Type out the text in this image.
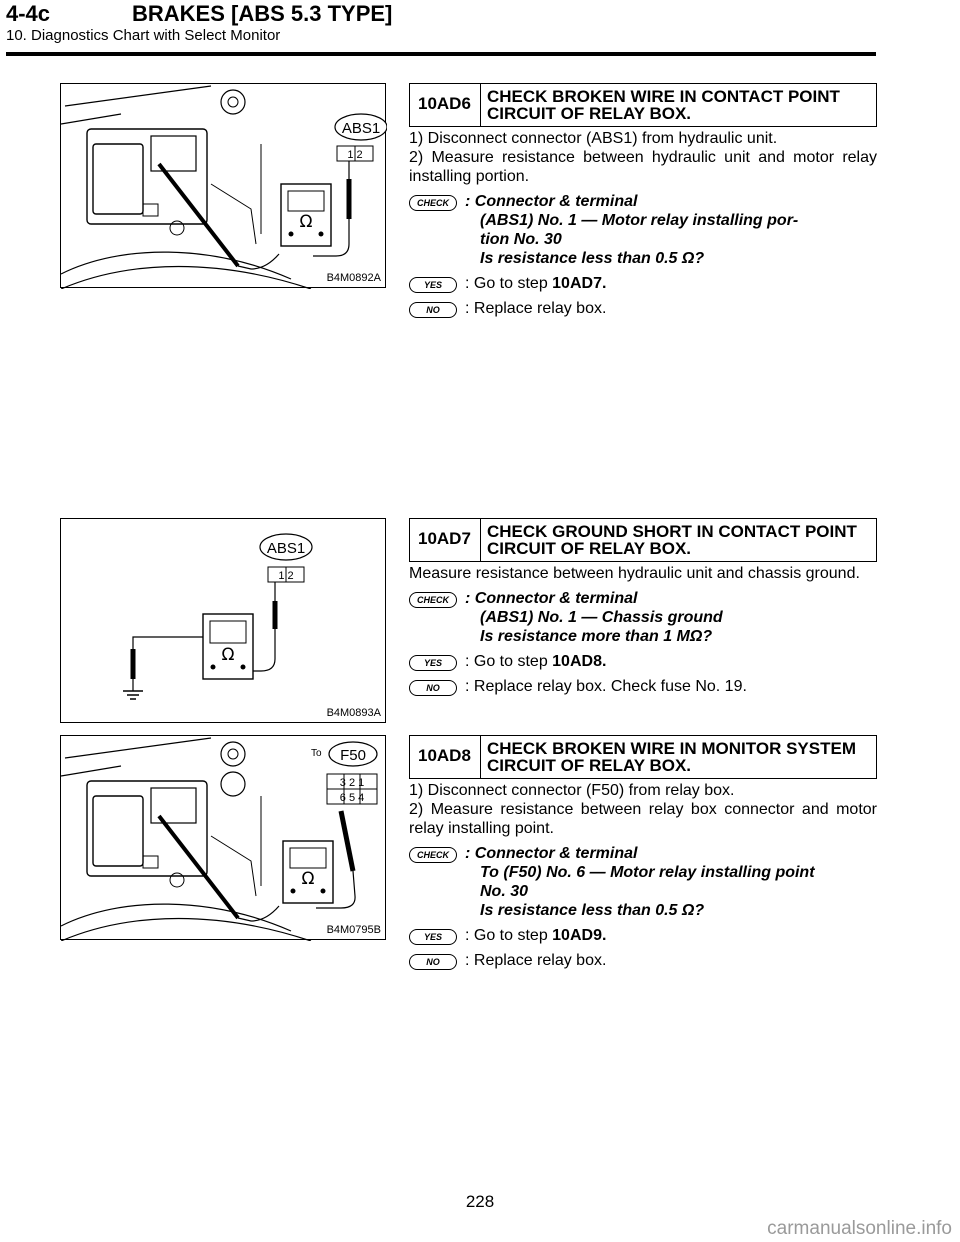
4-4c	BRAKES [ABS 5.3 TYPE]
10. Diagnostics Chart with Select Monitor
Ω
ABS1
1 2
B4M0892A
10AD6 CHECK BROKEN WIRE IN CONTACT POINT CIRCUIT OF RELAY BOX.
1) Disconnect connector (ABS1) from hydraulic unit.
2) Measure resistance between hydraulic unit and motor relay installing portion.
CHECK	: Connector & terminal
(ABS1) No. 1 — Motor relay installing por-
tion No. 30
Is resistance less than 0.5 Ω?
YES	: Go to step 10AD7.
NO	: Replace relay box.
ABS1
1 2
Ω
B4M0893A
10AD7 CHECK GROUND SHORT IN CONTACT POINT CIRCUIT OF RELAY BOX.
Measure resistance between hydraulic unit and chassis ground.
CHECK	: Connector & terminal
(ABS1) No. 1 — Chassis ground
Is resistance more than 1 MΩ?
YES	: Go to step 10AD8.
NO	: Replace relay box. Check fuse No. 19.
Ω
To F50
3 2 1
6 5 4
B4M0795B
10AD8 CHECK BROKEN WIRE IN MONITOR SYSTEM CIRCUIT OF RELAY BOX.
1) Disconnect connector (F50) from relay box.
2) Measure resistance between relay box connector and motor relay installing point.
CHECK	: Connector & terminal
To (F50) No. 6 — Motor relay installing point
No. 30
Is resistance less than 0.5 Ω?
YES	: Go to step 10AD9.
NO	: Replace relay box.
228
carmanualsonline.info
